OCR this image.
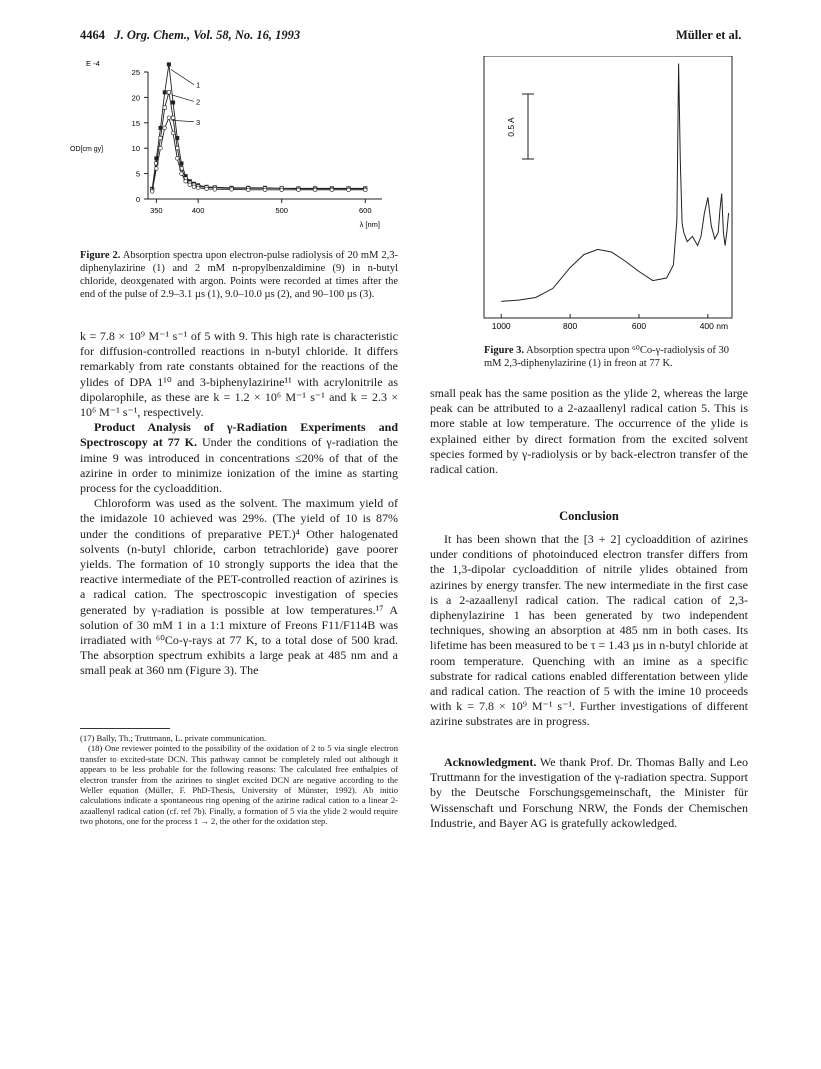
4464 J. Org. Chem., Vol. 58, No. 16, 1993	Müller et al.
0
5
10
15
20
25
350	400	500	600
E -4
OD[cm gy]
λ [nm]
1
2
3
Figure 2. Absorption spectra upon electron-pulse radiolysis of 20 mM 2,3-diphenylazirine (1) and 2 mM n-propylbenzaldimine (9) in n-butyl chloride, deoxgenated with argon. Points were recorded at times after the end of the pulse of 2.9–3.1 µs (1), 9.0–10.0 µs (2), and 90–100 µs (3).

k = 7.8 × 10⁹ M⁻¹ s⁻¹ of 5 with 9. This high rate is characteristic for diffusion-controlled reactions in n-butyl chloride. It differs remarkably from rate constants obtained for the reactions of the ylides of DPA 1¹⁰ and 3-biphenylazirine¹¹ with acrylonitrile as dipolarophile, as these are k = 1.2 × 10⁶ M⁻¹ s⁻¹ and k = 2.3 × 10⁶ M⁻¹ s⁻¹, respectively.

Product Analysis of γ-Radiation Experiments and Spectroscopy at 77 K. Under the conditions of γ-radiation the imine 9 was introduced in concentrations ≤20% of that of the azirine in order to minimize ionization of the imine as starting process for the cycloaddition.

Chloroform was used as the solvent. The maximum yield of the imidazole 10 achieved was 29%. (The yield of 10 is 87% under the conditions of preparative PET.)⁴ Other halogenated solvents (n-butyl chloride, carbon tetrachloride) gave poorer yields. The formation of 10 strongly supports the idea that the reactive intermediate of the PET-controlled reaction of azirines is a radical cation. The spectroscopic investigation of species generated by γ-radiation is possible at low temperatures.¹⁷ A solution of 30 mM 1 in a 1:1 mixture of Freons F11/F114B was irradiated with ⁶⁰Co-γ-rays at 77 K, to a total dose of 500 krad. The absorption spectrum exhibits a large peak at 485 nm and a small peak at 360 nm (Figure 3). The

(17) Bally, Th.; Truttmann, L. private communication.

(18) One reviewer pointed to the possibility of the oxidation of 2 to 5 via single electron transfer to excited-state DCN. This pathway cannot be completely ruled out although it appears to be less probable for the following reasons: The calculated free enthalpies of electron transfer from the azirines to singlet excited DCN are negative according to the Weller equation (Müller, F. PhD-Thesis, University of Münster, 1992). Ab initio calculations indicate a spontaneous ring opening of the azirine radical cation to a linear 2-azaallenyl radical cation (cf. ref 7b). Finally, a formation of 5 via the ylide 2 would require two photons, one for the process 1 → 2, the other for the oxidation step.

0.5 A
1000	800	600	400 nm
Figure 3. Absorption spectra upon ⁶⁰Co-γ-radiolysis of 30 mM 2,3-diphenylazirine (1) in freon at 77 K.

small peak has the same position as the ylide 2, whereas the large peak can be attributed to a 2-azaallenyl radical cation 5. This is more stable at low temperature. The occurrence of the ylide is explained either by direct formation from the excited solvent species formed by γ-radiolysis or by back-electron transfer of the radical cation.

Conclusion

It has been shown that the [3 + 2] cycloaddition of azirines under conditions of photoinduced electron transfer differs from the 1,3-dipolar cycloaddition of nitrile ylides obtained from azirines by energy transfer. The new intermediate in the first case is a 2-azaallenyl radical cation. The radical cation of 2,3-diphenylazirine 1 has been generated by two independent techniques, showing an absorption at 485 nm in both cases. Its lifetime has been measured to be τ = 1.43 µs in n-butyl chloride at room temperature. Quenching with an imine as a specific substrate for radical cations enabled differentation between ylide and radical cation. The reaction of 5 with the imine 10 proceeds with k = 7.8 × 10⁹ M⁻¹ s⁻¹. Further investigations of different azirine substrates are in progress.

Acknowledgment. We thank Prof. Dr. Thomas Bally and Leo Truttmann for the investigation of the γ-radiation spectra. Support by the Deutsche Forschungsgemeinschaft, the Minister für Wissenschaft und Forschung NRW, the Fonds der Chemischen Industrie, and Bayer AG is gratefully ackowledged.
